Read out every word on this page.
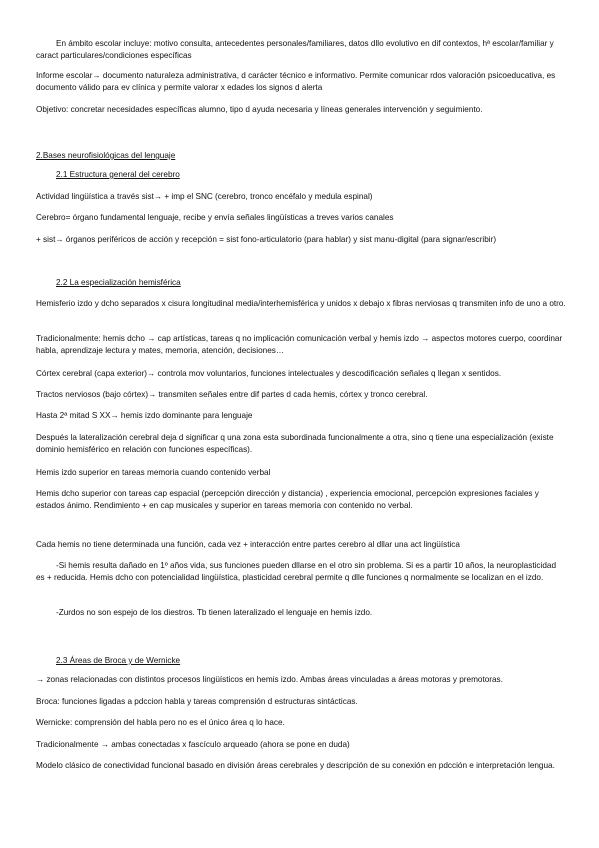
En ámbito escolar incluye: motivo consulta, antecedentes personales/familiares, datos dllo evolutivo en dif contextos, hª escolar/familiar y caract particulares/condiciones específicas

Informe escolar→ documento naturaleza administrativa, d carácter técnico e informativo. Permite comunicar rdos valoración psicoeducativa, es documento válido para ev clínica y permite valorar x edades los signos d alerta

Objetivo: concretar necesidades específicas alumno, tipo d ayuda necesaria y líneas generales intervención y seguimiento.

2.Bases neurofisiológicas del lenguaje

2.1 Estructura general del cerebro

Actividad lingüística a través sist→ + imp el SNC (cerebro, tronco encéfalo y medula espinal)

Cerebro= órgano fundamental lenguaje, recibe y envía señales lingüísticas a treves varios canales

+ sist→ órganos periféricos de acción y recepción = sist fono-articulatorio (para hablar) y sist manu-digital (para signar/escribir)

2.2 La especialización hemisférica

Hemisferio izdo y dcho separados x cisura longitudinal media/interhemisférica y unidos x debajo x fibras nerviosas q transmiten info de uno a otro.

Tradicionalmente: hemis dcho → cap artísticas, tareas q no implicación comunicación verbal y hemis izdo → aspectos motores cuerpo, coordinar habla, aprendizaje lectura y mates, memoria, atención, decisiones…

Córtex cerebral (capa exterior)→ controla mov voluntarios, funciones intelectuales y descodificación señales q llegan x sentidos.

Tractos nerviosos (bajo córtex)→ transmiten señales entre dif partes d cada hemis, córtex y tronco cerebral.

Hasta 2ª mitad S XX→ hemis izdo dominante para lenguaje

Después la lateralización cerebral deja d significar q una zona esta subordinada funcionalmente a otra, sino q tiene una especialización (existe dominio hemisférico en relación con funciones específicas).

Hemis izdo superior en tareas memoria cuando contenido verbal

Hemis dcho superior con tareas cap espacial (percepción dirección y distancia) , experiencia emocional, percepción expresiones faciales y estados ánimo. Rendimiento + en cap musicales y superior en tareas memoria con contenido no verbal.

Cada hemis no tiene determinada una función, cada vez + interacción entre partes cerebro al dllar una act lingüística

-Si hemis resulta dañado en 1º años vida, sus funciones pueden dllarse en el otro sin problema. Si es a partir 10 años, la neuroplasticidad es + reducida. Hemis dcho con potencialidad lingüística, plasticidad cerebral permite q dlle funciones q normalmente se localizan en el izdo.

-Zurdos no son espejo de los diestros. Tb tienen lateralizado el lenguaje en hemis izdo.

2.3 Áreas de Broca y de Wernicke

→ zonas relacionadas con distintos procesos lingüísticos en hemis izdo. Ambas áreas vinculadas a áreas motoras y premotoras.

Broca: funciones ligadas a pdccion habla y tareas comprensión d estructuras sintácticas.

Wernicke: comprensión del habla pero no es el único área q lo hace.

Tradicionalmente → ambas conectadas x fascículo arqueado (ahora se pone en duda)

Modelo clásico de conectividad funcional basado en división áreas cerebrales y descripción de su conexión en pdcción e interpretación lengua.
